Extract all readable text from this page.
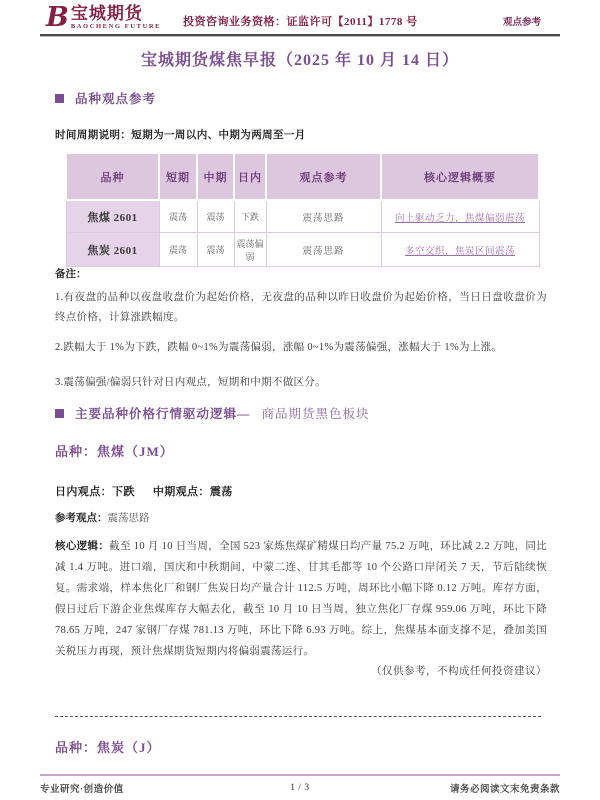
B 宝城期货
BAOCHENG FUTURE 投资咨询业务资格：证监许可【2011】1778 号	观点参考
宝城期货煤焦早报（2025 年 10 月 14 日）
品种观点参考
时间周期说明：短期为一周以内、中期为两周至一月
品种	短期	中期	日内	观点参考	核心逻辑概要
焦煤 2601	震荡	震荡	下跌	震荡思路	向上驱动乏力，焦煤偏弱震荡
焦炭 2601	震荡	震荡	震荡偏弱	震荡思路	多空交织，焦炭区间震荡
备注：
1.有夜盘的品种以夜盘收盘价为起始价格，无夜盘的品种以昨日收盘价为起始价格，当日日盘收盘价为终点价格，计算涨跌幅度。
2.跌幅大于 1%为下跌，跌幅 0~1%为震荡偏弱，涨幅 0~1%为震荡偏强，涨幅大于 1%为上涨。
3.震荡偏强/偏弱只针对日内观点，短期和中期不做区分。
主要品种价格行情驱动逻辑— 商品期货黑色板块
品种：焦煤（JM）
日内观点：下跌 中期观点：震荡
参考观点：震荡思路
核心逻辑：截至 10 月 10 日当周，全国 523 家炼焦煤矿精煤日均产量 75.2 万吨，环比减 2.2 万吨，同比减 1.4 万吨。进口端，国庆和中秋期间，中蒙二连、甘其毛都等 10 个公路口岸闭关 7 天，节后陆续恢复。需求端，样本焦化厂和钢厂焦炭日均产量合计 112.5 万吨，周环比小幅下降 0.12 万吨。库存方面，假日过后下游企业焦煤库存大幅去化，截至 10 月 10 日当周，独立焦化厂存煤 959.06 万吨，环比下降 78.65 万吨，247 家钢厂存煤 781.13 万吨，环比下降 6.93 万吨。综上，焦煤基本面支撑不足，叠加美国关税压力再现，预计焦煤期货短期内将偏弱震荡运行。
（仅供参考，不构成任何投资建议）
品种：焦炭（J）
专业研究·创造价值	1 / 3	请务必阅读文末免责条款
